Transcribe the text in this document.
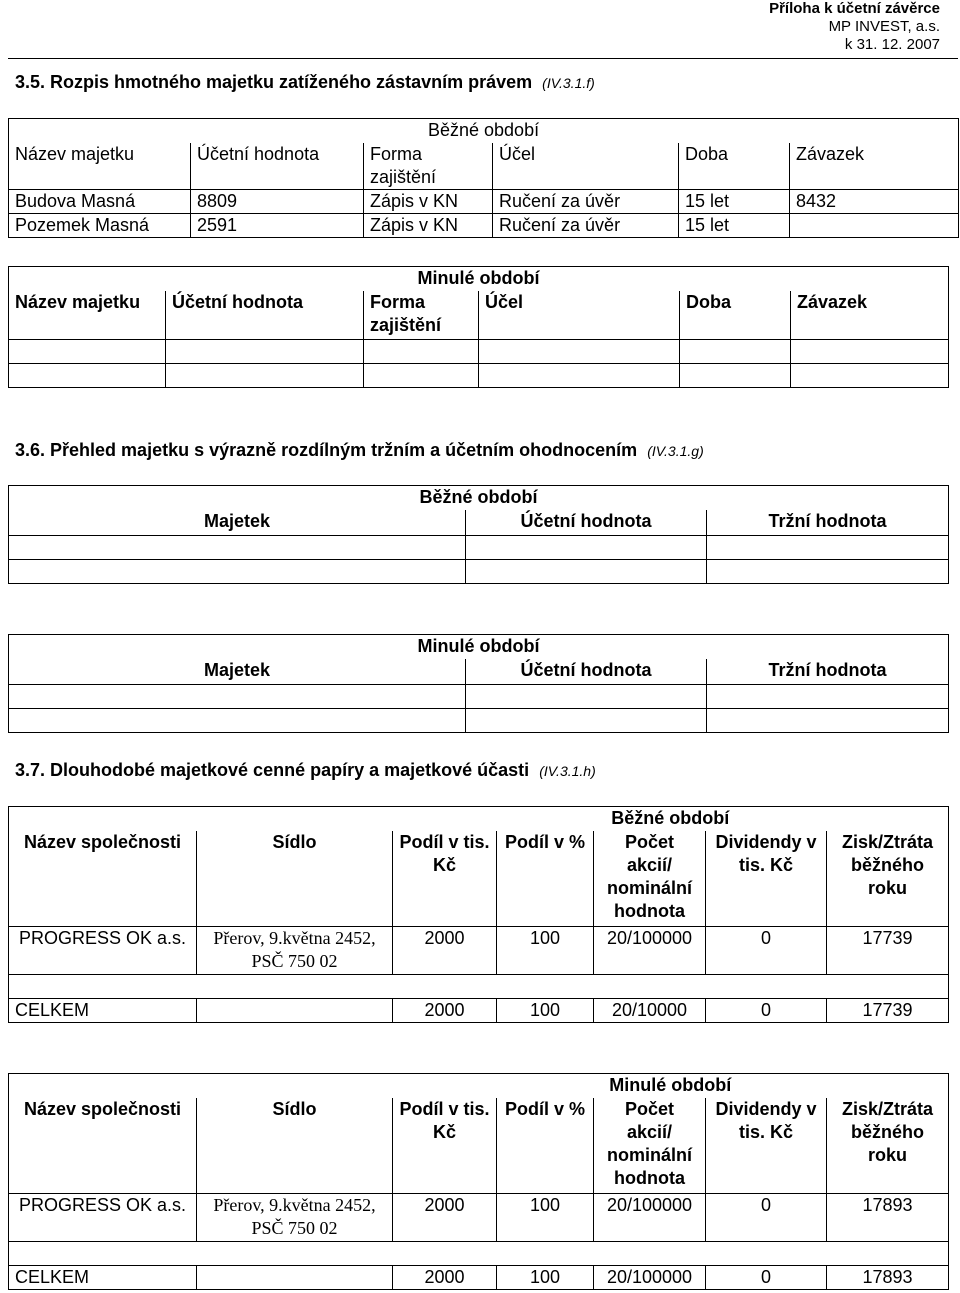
Příloha k účetní závěrce
MP INVEST, a.s.
k 31. 12. 2007
3.5. Rozpis hmotného majetku zatíženého zástavním právem (IV.3.1.f)
Běžné období					
Název majetku	Účetní hodnota	Forma zajištění	Účel	Doba	Závazek
Budova Masná	8809	Zápis v KN	Ručení za úvěr	15 let	8432
Pozemek Masná	2591	Zápis v KN	Ručení za úvěr	15 let	
Minulé období					
Název majetku	Účetní hodnota	Forma zajištění	Účel	Doba	Závazek

3.6. Přehled majetku s výrazně rozdílným tržním a účetním ohodnocením (IV.3.1.g)
Běžné období		
Majetek	Účetní hodnota	Tržní hodnota

Minulé období		
Majetek	Účetní hodnota	Tržní hodnota

3.7. Dlouhodobé majetkové cenné papíry a majetkové účasti (IV.3.1.h)
		Běžné období				
Název společnosti	Sídlo	Podíl v tis. Kč	Podíl v %	Počet akcií/ nominální hodnota	Dividendy v tis. Kč	Zisk/Ztráta běžného roku
PROGRESS OK a.s.	Přerov, 9.května 2452, PSČ 750 02	2000	100	20/100000	0	17739

CELKEM		2000	100	20/10000	0	17739
		Minulé období				
Název společnosti	Sídlo	Podíl v tis. Kč	Podíl v %	Počet akcií/ nominální hodnota	Dividendy v tis. Kč	Zisk/Ztráta běžného roku
PROGRESS OK a.s.	Přerov, 9.května 2452, PSČ 750 02	2000	100	20/100000	0	17893

CELKEM		2000	100	20/100000	0	17893
